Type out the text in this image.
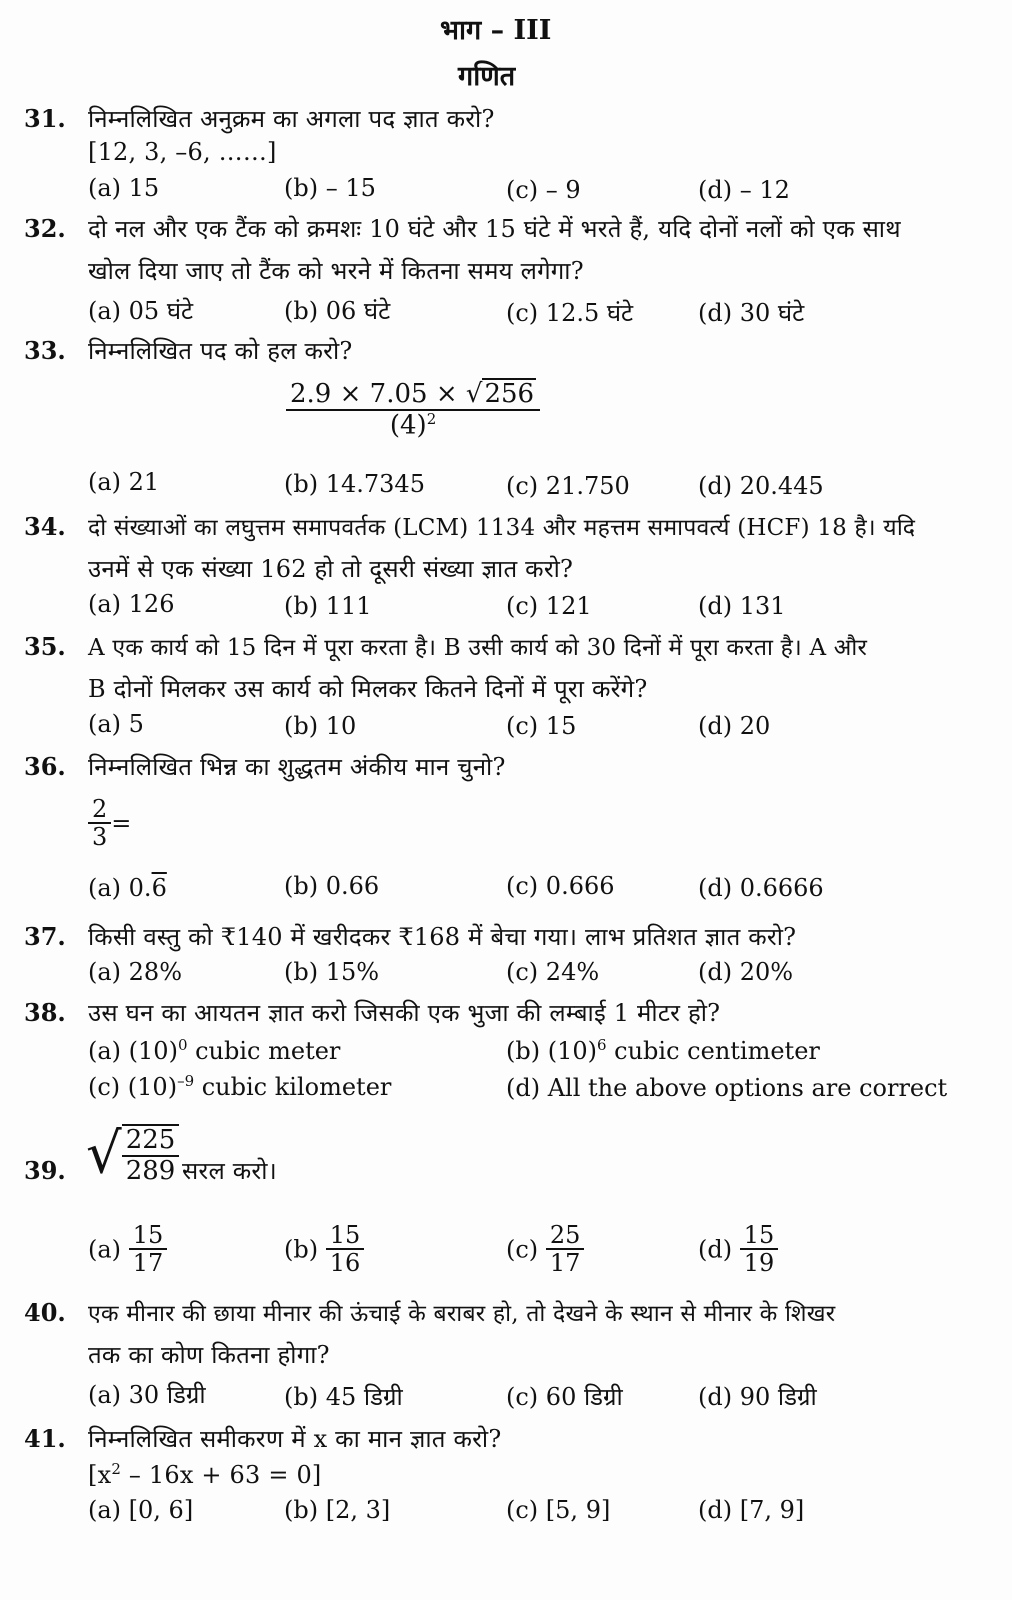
भाग – III
गणित
31. निम्नलिखित अनुक्रम का अगला पद ज्ञात करो?
[12, 3, –6, ……]
(a) 15	(b) – 15	(c) – 9	(d) – 12
32. दो नल और एक टैंक को क्रमशः 10 घंटे और 15 घंटे में भरते हैं, यदि दोनों नलों को एक साथ
खोल दिया जाए तो टैंक को भरने में कितना समय लगेगा?
(a) 05 घंटे	(b) 06 घंटे	(c) 12.5 घंटे	(d) 30 घंटे
33. निम्नलिखित पद को हल करो?
$\frac{2.9 \times 7.05 \times √256}{(4)^2}$
(a) 21	(b) 14.7345	(c) 21.750	(d) 20.445
34. दो संख्याओं का लघुत्तम समापवर्तक (LCM) 1134 और महत्तम समापवर्त्य (HCF) 18 है। यदि
उनमें से एक संख्या 162 हो तो दूसरी संख्या ज्ञात करो?
(a) 126	(b) 111	(c) 121	(d) 131
35. A एक कार्य को 15 दिन में पूरा करता है। B उसी कार्य को 30 दिनों में पूरा करता है। A और
B दोनों मिलकर उस कार्य को मिलकर कितने दिनों में पूरा करेंगे?
(a) 5	(b) 10	(c) 15	(d) 20
36. निम्नलिखित भिन्न का शुद्धतम अंकीय मान चुनो?
$\frac{2}{3}$ =
(a) 0.6	(b) 0.66	(c) 0.666	(d) 0.6666
37. किसी वस्तु को ₹140 में खरीदकर ₹168 में बेचा गया। लाभ प्रतिशत ज्ञात करो?
(a) 28%	(b) 15%	(c) 24%	(d) 20%
38. उस घन का आयतन ज्ञात करो जिसकी एक भुजा की लम्बाई 1 मीटर हो?
(a) $(10)^0$ cubic meter	(b) $(10)^6$ cubic centimeter
(c) $(10)^{-9}$ cubic kilometer	(d) All the above options are correct
39. √ $\frac{225}{289}$ सरल करो।
$(a) \frac{15}{17}$	$(b) \frac{15}{16}$	$(c) \frac{25}{17}$	$(d) \frac{15}{19}$
40. एक मीनार की छाया मीनार की ऊंचाई के बराबर हो, तो देखने के स्थान से मीनार के शिखर
तक का कोण कितना होगा?
(a) 30 डिग्री	(b) 45 डिग्री	(c) 60 डिग्री	(d) 90 डिग्री
41. निम्नलिखित समीकरण में x का मान ज्ञात करो?
$[x^2 - 16x + 63 = 0]$
(a) [0, 6]	(b) [2, 3]	(c) [5, 9]	(d) [7, 9]
